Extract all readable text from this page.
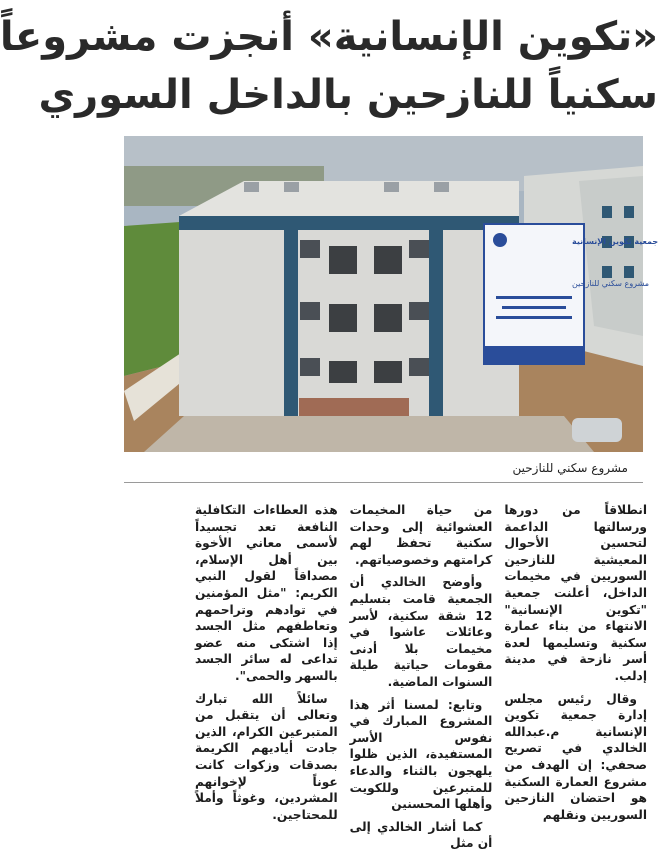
«تكوين الإنسانية» أنجزت مشروعاً
سكنياً للنازحين بالداخل السوري
جمعية تكوين الإنسانية
مشروع سكني للنازحين
مشروع سكني للنازحين

انطلاقاً من دورها ورسالتها الداعمة لتحسين الأحوال المعيشية للنازحين السوريين في مخيمات الداخل، أعلنت جمعية "تكوين الإنسانية" الانتهاء من بناء عمارة سكنية وتسليمها لعدة أسر نازحة في مدينة إدلب.

وقال رئيس مجلس إدارة جمعية تكوين الإنسانية م.عبدالله الخالدي في تصريح صحفي: إن الهدف من مشروع العمارة السكنية هو احتضان النازحين السوريين ونقلهم

من حياة المخيمات العشوائية إلى وحدات سكنية تحفظ لهم كرامتهم وخصوصياتهم.

وأوضح الخالدي أن الجمعية قامت بتسليم 12 شقة سكنية، لأسر وعائلات عاشوا في مخيمات بلا أدنى مقومات حياتية طيلة السنوات الماضية.

وتابع: لمسنا أثر هذا المشروع المبارك في نفوس الأسر المستفيدة، الذين ظلوا يلهجون بالثناء والدعاء للمتبرعين وللكويت وأهلها المحسنين

كما أشار الخالدي إلى أن مثل

هذه العطاءات التكافلية النافعة تعد تجسيداً لأسمى معاني الأخوة بين أهل الإسلام، مصداقاً لقول النبي الكريم: "مثل المؤمنين في توادهم وتراحمهم وتعاطفهم مثل الجسد إذا اشتكى منه عضو تداعى له سائر الجسد بالسهر والحمى".

سائلاً الله تبارك وتعالى أن يتقبل من المتبرعين الكرام، الذين جادت أياديهم الكريمة بصدقات وزكوات كانت عوناً لإخوانهم المشردين، وغوثاً وأملاً للمحتاجين.
